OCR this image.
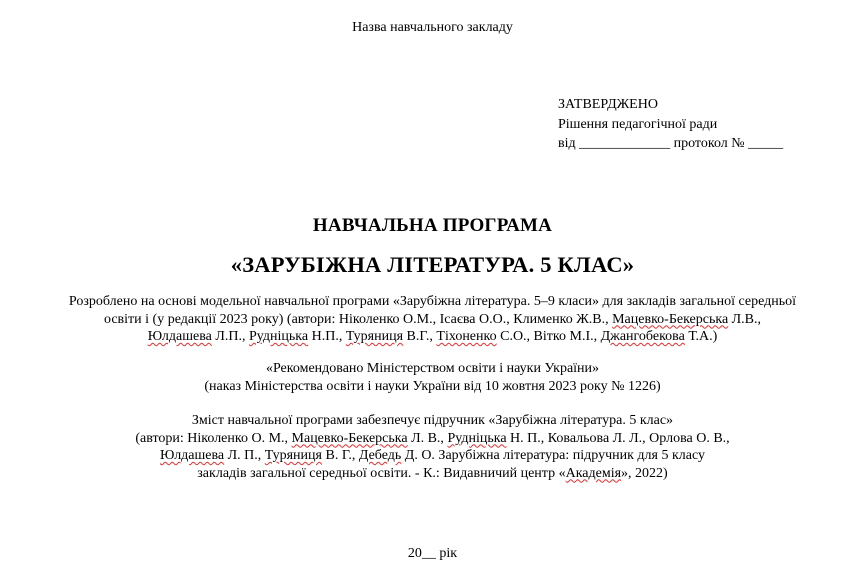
Назва навчального закладу
ЗАТВЕРДЖЕНО
Рішення педагогічної ради
від _____________ протокол № _____
НАВЧАЛЬНА ПРОГРАМА
«ЗАРУБІЖНА ЛІТЕРАТУРА. 5 КЛАС»
Розроблено на основі модельної навчальної програми «Зарубіжна література. 5–9 класи» для закладів загальної середньої
освіти і (у редакції 2023 року) (автори: Ніколенко О.М., Ісаєва О.О., Клименко Ж.В., Мацевко-Бекерська Л.В.,
Юлдашева Л.П., Рудніцька Н.П., Туряниця В.Г., Тіхоненко С.О., Вітко М.І., Джангобекова Т.А.)
«Рекомендовано Міністерством освіти і науки України»
(наказ Міністерства освіти і науки України від 10 жовтня 2023 року № 1226)
Зміст навчальної програми забезпечує підручник «Зарубіжна література. 5 клас»
(автори: Ніколенко О. М., Мацевко-Бекерська Л. В., Рудніцька Н. П., Ковальова Л. Л., Орлова О. В.,
Юлдашева Л. П., Туряниця В. Г., Дебедь Д. О. Зарубіжна література: підручник для 5 класу
закладів загальної середньої освіти. - К.: Видавничий центр «Академія», 2022)
20__ рік
